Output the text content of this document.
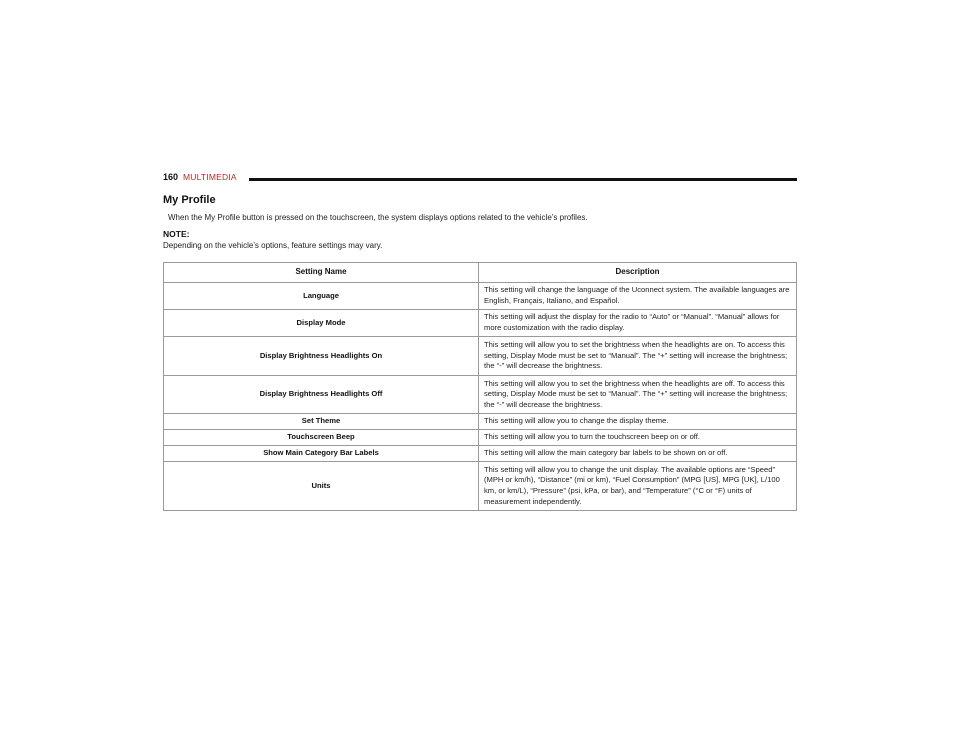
160 MULTIMEDIA
My Profile
When the My Profile button is pressed on the touchscreen, the system displays options related to the vehicle’s profiles.
NOTE:
Depending on the vehicle’s options, feature settings may vary.
Setting Name	Description
Language	This setting will change the language of the Uconnect system. The available languages are English, Français, Italiano, and Español.
Display Mode	This setting will adjust the display for the radio to “Auto” or “Manual”. “Manual” allows for more customization with the radio display.
Display Brightness Headlights On	This setting will allow you to set the brightness when the headlights are on. To access this setting, Display Mode must be set to “Manual”. The “+” setting will increase the brightness; the “-” will decrease the brightness.
Display Brightness Headlights Off	This setting will allow you to set the brightness when the headlights are off. To access this setting, Display Mode must be set to “Manual”. The “+” setting will increase the brightness; the “-” will decrease the brightness.
Set Theme	This setting will allow you to change the display theme.
Touchscreen Beep	This setting will allow you to turn the touchscreen beep on or off.
Show Main Category Bar Labels	This setting will allow the main category bar labels to be shown on or off.
Units	This setting will allow you to change the unit display. The available options are “Speed” (MPH or km/h), “Distance” (mi or km), “Fuel Consumption” (MPG [US], MPG [UK], L/100 km, or km/L), “Pressure” (psi, kPa, or bar), and “Temperature” (°C or °F) units of measurement independently.
